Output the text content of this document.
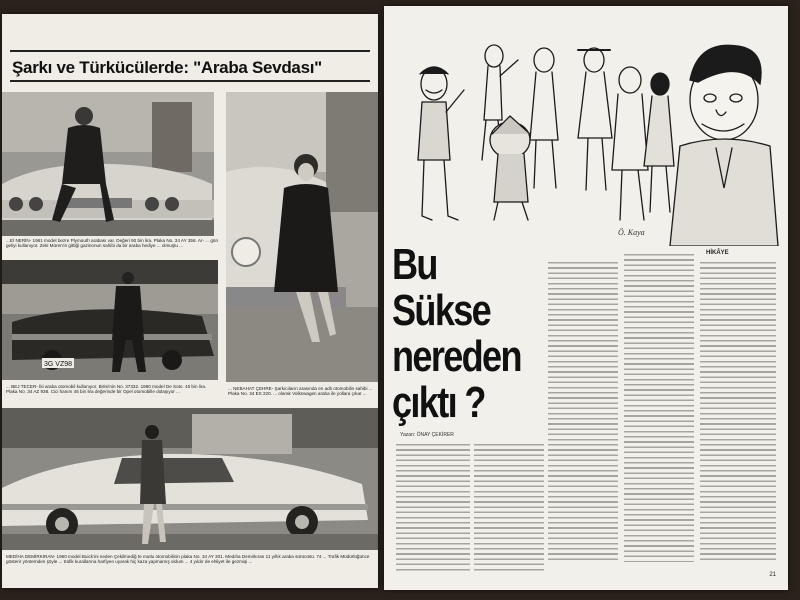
Şarkı ve Türkücülerde: "Araba Sevdası"
...Eİ NERİN- 1961 model bezre Plymouth arabası var. Değeri 50 bin lira. Plaka No. 34 AY 356. Ar- ... gün geliyi kullanıyor. Zeki Müren'in gittiği gazinonun sahibi da bir araba hediye ... olmuştu ...
... NEBAHAT ÇEHRE- Şarkıcıların arasında en adlı otomobilin sahibi ... Plaka No. 34 ES 220. ... olarak Volkswagen araba ile yollara çıkar ...
3G VZ98
... BEJ TECER- İki araba otomobil kullanıyor. Birisi'nin No. 37332. 1960 model De Soto. 45 bin lira. Plaka No. 34 AZ 938. Cici hanım 45 bin lira değerinde bir Opel otomobille dolaşıyor ...
MEDİHA DEMİRKIRAN- 1960 model Buick'ini neden Çekilmediğ te mutlu otomobilinin plaka No. 34 AY 301. Medıha Demirkıran 11 yıllık araba sürücüsü. 74 ... Trafik Müdürlüğünce gösterir yöntemden şöyle ... trafik kurallarına harfiyen uyarak hiç kaza yapmamış oldum ... 4 yıldır de ehliyet ile gezmişi ...
Ö. Kaya
HİKÂYE
Bu Sükse
nereden
çıktı ?
Yazan: ÖNAY ÇEKİRER
21
